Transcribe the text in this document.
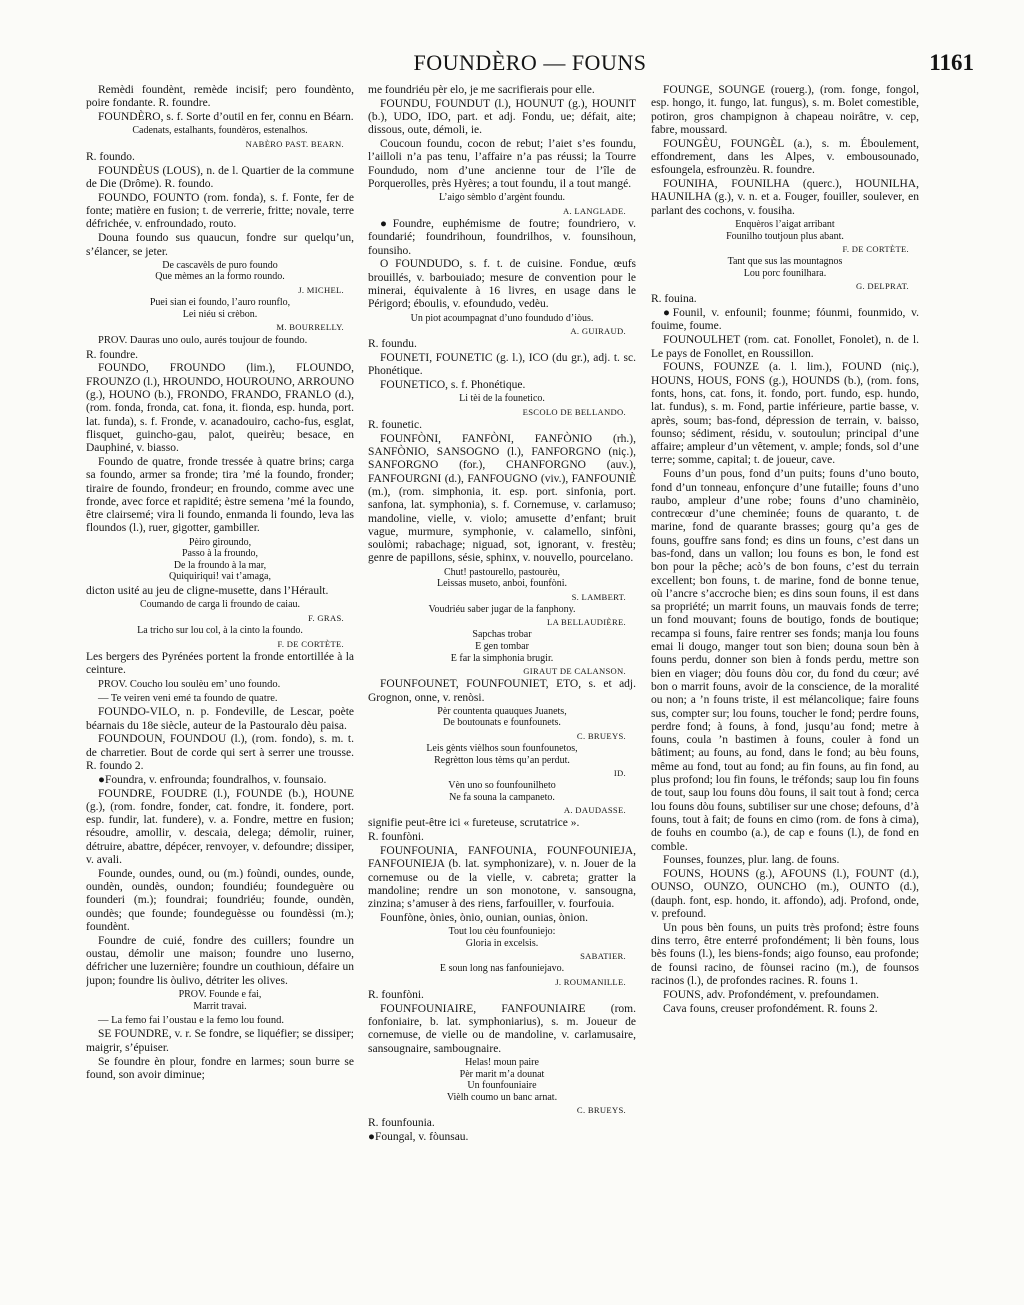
FOUNDÈRO — FOUNS	1161

Remèdi foundènt, remède incisif; pero foundènto, poire fondante. R. foundre.

FOUNDÈRO, s. f. Sorte d’outil en fer, connu en Béarn.

Cadenats, estalhants, foundèros, estenalhos.
NABÈRO PAST. BEARN.

R. foundo.

FOUNDÈUS (LOUS), n. de l. Quartier de la commune de Die (Drôme). R. foundo.

FOUNDO, FOUNTO (rom. fonda), s. f. Fonte, fer de fonte; matière en fusion; t. de verrerie, fritte; novale, terre défrichée, v. enfroundado, routo.

Douna foundo sus quaucun, fondre sur quelqu’un, s’élancer, se jeter.

De cascavèls de puro foundo
Que mèmes an la formo roundo.
J. MICHEL.
Puei sian ei foundo, l’auro rounflo,
Lei niéu si crèbon.
M. BOURRELLY.

PROV. Dauras uno oulo, aurés toujour de foundo.

R. foundre.

FOUNDO, FROUNDO (lim.), FLOUNDO, FROUNZO (l.), HROUNDO, HOUROUNO, ARROUNO (g.), HOUNO (b.), FRONDO, FRANDO, FRANLO (d.), (rom. fonda, fronda, cat. fona, it. fionda, esp. hunda, port. lat. funda), s. f. Fronde, v. acanadouiro, cacho-fus, esglat, flisquet, guincho-gau, palot, queirèu; besace, en Dauphiné, v. biasso.

Foundo de quatre, fronde tressée à quatre brins; carga sa foundo, armer sa fronde; tira ’mé la foundo, fronder; tiraire de foundo, frondeur; en froundo, comme avec une fronde, avec force et rapidité; èstre semena ’mé la foundo, être clairsemé; vira li foundo, enmanda li foundo, leva las floundos (l.), ruer, gigotter, gambiller.

Pèiro giroundo,
Passo à la froundo,
De la froundo à la mar,
Quiquiriqui! vai t’amaga,

dicton usité au jeu de cligne-musette, dans l’Hérault.

Coumando de carga li froundo de caiau.
F. GRAS.
La tricho sur lou col, à la cinto la foundo.
F. DE CORTÈTE.

Les bergers des Pyrénées portent la fronde entortillée à la ceinture.

PROV. Coucho lou soulèu em’ uno foundo.

— Te veiren veni emé ta foundo de quatre.

FOUNDO-VILO, n. p. Fondeville, de Lescar, poète béarnais du 18e siècle, auteur de la Pastouralo dèu paisa.

FOUNDOUN, FOUNDOU (l.), (rom. fondo), s. m. t. de charretier. Bout de corde qui sert à serrer une trousse. R. foundo 2.

●Foundra, v. enfrounda; foundralhos, v. founsaio.

FOUNDRE, FOUDRE (l.), FOUNDE (b.), HOUNE (g.), (rom. fondre, fonder, cat. fondre, it. fondere, port. esp. fundir, lat. fundere), v. a. Fondre, mettre en fusion; résoudre, amollir, v. descaia, delega; démolir, ruiner, détruire, abattre, dépécer, renvoyer, v. defoundre; dissiper, v. avali.

Founde, oundes, ound, ou (m.) foùndi, oundes, ounde, oundèn, oundès, oundon; foundiéu; foundeguère ou founderi (m.); foundrai; foundriéu; founde, oundèn, oundès; que founde; foundeguèsse ou foundèssi (m.); foundènt.

Foundre de cuié, fondre des cuillers; foundre un oustau, démolir une maison; foundre uno luserno, défricher une luzernière; foundre un couthioun, défaire un jupon; foundre lis òulivo, détriter les olives.

PROV. Founde e fai,
Marrit travai.

— La femo fai l’oustau e la femo lou found.

SE FOUNDRE, v. r. Se fondre, se liquéfier; se dissiper; maigrir, s’épuiser.

Se foundre èn plour, fondre en larmes; soun burre se found, son avoir diminue;

me foundriéu pèr elo, je me sacrifierais pour elle.

FOUNDU, FOUNDUT (l.), HOUNUT (g.), HOUNIT (b.), UDO, IDO, part. et adj. Fondu, ue; défait, aite; dissous, oute, démoli, ie.

Coucoun foundu, cocon de rebut; l’aiet s’es foundu, l’ailloli n’a pas tenu, l’affaire n’a pas réussi; la Tourre Foundudo, nom d’une ancienne tour de l’île de Porquerolles, près Hyères; a tout foundu, il a tout mangé.

L’aigo sèmblo d’argènt foundu.
A. LANGLADE.

●Foundre, euphémisme de foutre; foundriero, v. foundarié; foundrihoun, foundrilhos, v. founsihoun, founsiho.

O FOUNDUDO, s. f. t. de cuisine. Fondue, œufs brouillés, v. barbouiado; mesure de convention pour le minerai, équivalente à 16 livres, en usage dans le Périgord; éboulis, v. efoundudo, vedèu.

Un piot acoumpagnat d’uno foundudo d’iòus.
A. GUIRAUD.

R. foundu.

FOUNETI, FOUNETIC (g. l.), ICO (du gr.), adj. t. sc. Phonétique.

FOUNETICO, s. f. Phonétique.

Li tèi de la founetico.
ESCOLO DE BELLANDO.

R. founetic.

FOUNFÒNI, FANFÒNI, FANFÒNIO (rh.), SANFÒNIO, SANSOGNO (l.), FANFORGNO (niç.), SANFORGNO (for.), CHANFORGNO (auv.), FANFOURGNI (d.), FANFOUGNO (viv.), FANFOUNIÈ (m.), (rom. simphonia, it. esp. port. sinfonia, port. sanfona, lat. symphonia), s. f. Cornemuse, v. carlamuso; mandoline, vielle, v. violo; amusette d’enfant; bruit vague, murmure, symphonie, v. calamello, sinfòni, soulòmi; rabachage; niguad, sot, ignorant, v. frestèu; genre de papillons, sésie, sphinx, v. nouvello, pourcelano.

Chut! pastourello, pastourèu,
Leissas museto, anboi, founfòni.
S. LAMBERT.
Voudriéu saber jugar de la fanphony.
LA BELLAUDIÈRE.
Sapchas trobar
E gen tombar
E far la simphonia brugir.
GIRAUT DE CALANSON.

FOUNFOUNET, FOUNFOUNIET, ETO, s. et adj. Grognon, onne, v. renòsi.

Pèr countenta quauques Juanets,
De boutounats e founfounets.
C. BRUEYS.
Leis gènts vièlhos soun founfounetos,
Regrètton lous tèms qu’an perdut.
ID.
Vèn uno so founfounilheto
Ne fa souna la campaneto.
A. DAUDASSE.

signifie peut-être ici « fureteuse, scrutatrice ».

R. founfòni.

FOUNFOUNIA, FANFOUNIA, FOUNFOUNIEJA, FANFOUNIEJA (b. lat. symphonizare), v. n. Jouer de la cornemuse ou de la vielle, v. cabreta; gratter la mandoline; rendre un son monotone, v. sansougna, zinzina; s’amuser à des riens, farfouiller, v. fourfouia.

Founfòne, ònies, ònio, ounian, ounias, ònion.

Tout lou cèu founfouniejo:
Gloria in excelsis.
SABATIER.
E soun long nas fanfouniejavo.
J. ROUMANILLE.

R. founfòni.

FOUNFOUNIAIRE, FANFOUNIAIRE (rom. fonfoniaire, b. lat. symphoniarius), s. m. Joueur de cornemuse, de vielle ou de mandoline, v. carlamusaire, sansougnaire, sambougnaire.

Helas! moun paire
Pèr marit m’a dounat
Un founfouniaire
Vièlh coumo un banc arnat.
C. BRUEYS.

R. founfounia.

●Foungal, v. fòunsau.

FOUNGE, SOUNGE (rouerg.), (rom. fonge, fongol, esp. hongo, it. fungo, lat. fungus), s. m. Bolet comestible, potiron, gros champignon à chapeau noirâtre, v. cep, fabre, moussard.

FOUNGÈU, FOUNGÈL (a.), s. m. Éboulement, effondrement, dans les Alpes, v. embousounado, esfoungela, esfrounzèu. R. foundre.

FOUNIHA, FOUNILHA (querc.), HOUNILHA, HAUNILHA (g.), v. n. et a. Fouger, fouiller, soulever, en parlant des cochons, v. fousiha.

Enquèros l’aigat arribant
Founilho toutjoun plus abant.
F. DE CORTÈTE.
Tant que sus las mountagnos
Lou porc founilhara.
G. DELPRAT.

R. fouina.

●Founil, v. enfounil; founme; fóunmi, founmido, v. fouime, foume.

FOUNOULHET (rom. cat. Fonollet, Fonolet), n. de l. Le pays de Fonollet, en Roussillon.

FOUNS, FOUNZE (a. l. lim.), FOUND (niç.), HOUNS, HOUS, FONS (g.), HOUNDS (b.), (rom. fons, fonts, hons, cat. fons, it. fondo, port. fundo, esp. hundo, lat. fundus), s. m. Fond, partie inférieure, partie basse, v. après, soum; bas-fond, dépression de terrain, v. baisso, founso; sédiment, résidu, v. soutoulun; principal d’une affaire; ampleur d’un vêtement, v. ample; fonds, sol d’une terre; somme, capital; t. de joueur, cave.

Founs d’un pous, fond d’un puits; founs d’uno bouto, fond d’un tonneau, enfonçure d’une futaille; founs d’uno raubo, ampleur d’une robe; founs d’uno chaminèio, contrecœur d’une cheminée; founs de quaranto, t. de marine, fond de quarante brasses; gourg qu’a ges de founs, gouffre sans fond; es dins un founs, c’est dans un bas-fond, dans un vallon; lou founs es bon, le fond est bon pour la pêche; acò’s de bon founs, c’est du terrain excellent; bon founs, t. de marine, fond de bonne tenue, où l’ancre s’accroche bien; es dins soun founs, il est dans sa propriété; un marrit founs, un mauvais fonds de terre; un fond mouvant; founs de boutigo, fonds de boutique; recampa si founs, faire rentrer ses fonds; manja lou founs emai li dougo, manger tout son bien; douna soun bèn à founs perdu, donner son bien à fonds perdu, mettre son bien en viager; dòu founs dòu cor, du fond du cœur; avé bon o marrit founs, avoir de la conscience, de la moralité ou non; a ’n founs triste, il est mélancolique; faire founs sus, compter sur; lou founs, toucher le fond; perdre founs, perdre fond; à founs, à fond, jusqu’au fond; metre à founs, coula ’n bastimen à founs, couler à fond un bâtiment; au founs, au fond, dans le fond; au bèu founs, même au fond, tout au fond; au fin founs, au fin fond, au plus profond; lou fin founs, le tréfonds; saup lou fin founs de tout, saup lou founs dòu founs, il sait tout à fond; cerca lou founs dòu founs, subtiliser sur une chose; defouns, d’à founs, tout à fait; de founs en cimo (rom. de fons à cima), de fouhs en coumbo (a.), de cap e founs (l.), de fond en comble.

Founses, founzes, plur. lang. de founs.

FOUNS, HOUNS (g.), AFOUNS (l.), FOUNT (d.), OUNSO, OUNZO, OUNCHO (m.), OUNTO (d.), (dauph. font, esp. hondo, it. affondo), adj. Profond, onde, v. prefound.

Un pous bèn founs, un puits très profond; èstre founs dins terro, être enterré profondément; li bèn founs, lous bès founs (l.), les biens-fonds; aigo founso, eau profonde; de founsi racino, de fòunsei racino (m.), de founsos racinos (l.), de profondes racines. R. founs 1.

FOUNS, adv. Profondément, v. prefoundamen.

Cava founs, creuser profondément. R. founs 2.
